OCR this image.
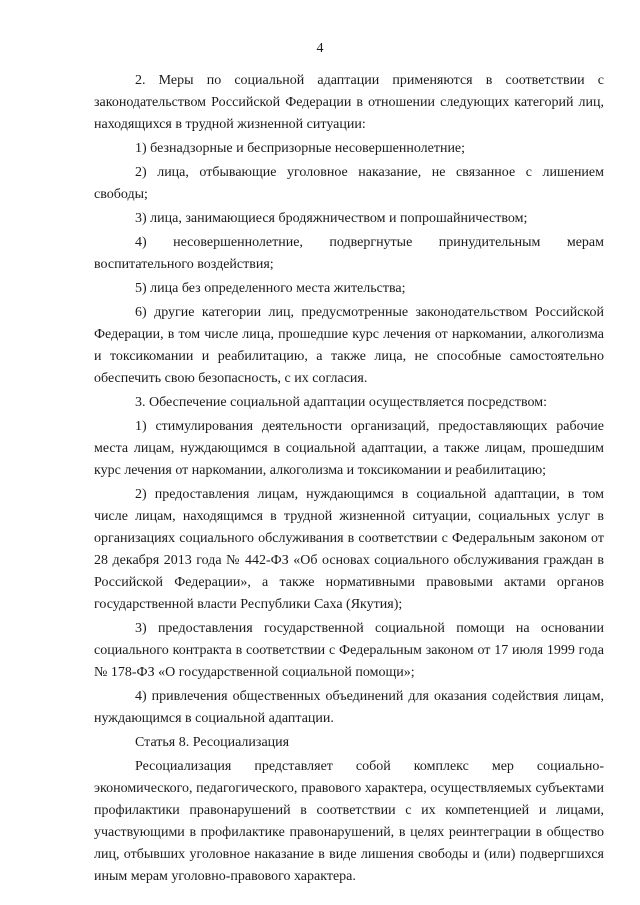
4

2. Меры по социальной адаптации применяются в соответствии с законодательством Российской Федерации в отношении следующих категорий лиц, находящихся в трудной жизненной ситуации:

1) безнадзорные и беспризорные несовершеннолетние;

2) лица, отбывающие уголовное наказание, не связанное с лишением свободы;

3) лица, занимающиеся бродяжничеством и попрошайничеством;

4) несовершеннолетние, подвергнутые принудительным мерам воспитательного воздействия;

5) лица без определенного места жительства;

6) другие категории лиц, предусмотренные законодательством Российской Федерации, в том числе лица, прошедшие курс лечения от наркомании, алкоголизма и токсикомании и реабилитацию, а также лица, не способные самостоятельно обеспечить свою безопасность, с их согласия.

3. Обеспечение социальной адаптации осуществляется посредством:

1) стимулирования деятельности организаций, предоставляющих рабочие места лицам, нуждающимся в социальной адаптации, а также лицам, прошедшим курс лечения от наркомании, алкоголизма и токсикомании и реабилитацию;

2) предоставления лицам, нуждающимся в социальной адаптации, в том числе лицам, находящимся в трудной жизненной ситуации, социальных услуг в организациях социального обслуживания в соответствии с Федеральным законом от 28 декабря 2013 года № 442-ФЗ «Об основах социального обслуживания граждан в Российской Федерации», а также нормативными правовыми актами органов государственной власти Республики Саха (Якутия);

3) предоставления государственной социальной помощи на основании социального контракта в соответствии с Федеральным законом от 17 июля 1999 года № 178-ФЗ «О государственной социальной помощи»;

4) привлечения общественных объединений для оказания содействия лицам, нуждающимся в социальной адаптации.

Статья 8. Ресоциализация

Ресоциализация представляет собой комплекс мер социально-экономического, педагогического, правового характера, осуществляемых субъектами профилактики правонарушений в соответствии с их компетенцией и лицами, участвующими в профилактике правонарушений, в целях реинтеграции в общество лиц, отбывших уголовное наказание в виде лишения свободы и (или) подвергшихся иным мерам уголовно-правового характера.
